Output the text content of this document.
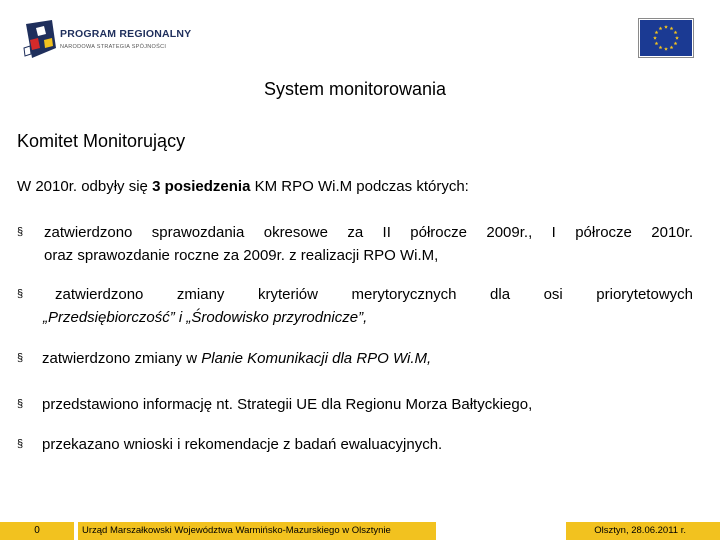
PROGRAM REGIONALNY
NARODOWA STRATEGIA SPÓJNOŚCI
System monitorowania
Komitet Monitorujący
W 2010r. odbyły się 3 posiedzenia KM RPO Wi.M podczas których:
§ zatwierdzono sprawozdania okresowe za II półrocze 2009r., I półrocze 2010r.
oraz sprawozdanie roczne za 2009r. z realizacji RPO Wi.M,
§ zatwierdzono zmiany kryteriów merytorycznych dla osi priorytetowych
„Przedsiębiorczość” i „Środowisko przyrodnicze”,
§	zatwierdzono zmiany w Planie Komunikacji dla RPO Wi.M,
§	przedstawiono informację nt. Strategii UE dla Regionu Morza Bałtyckiego,
§	przekazano wnioski i rekomendacje z badań ewaluacyjnych.
0	Urząd Marszałkowski Województwa Warmińsko-Mazurskiego w Olsztynie	Olsztyn, 28.06.2011 r.
